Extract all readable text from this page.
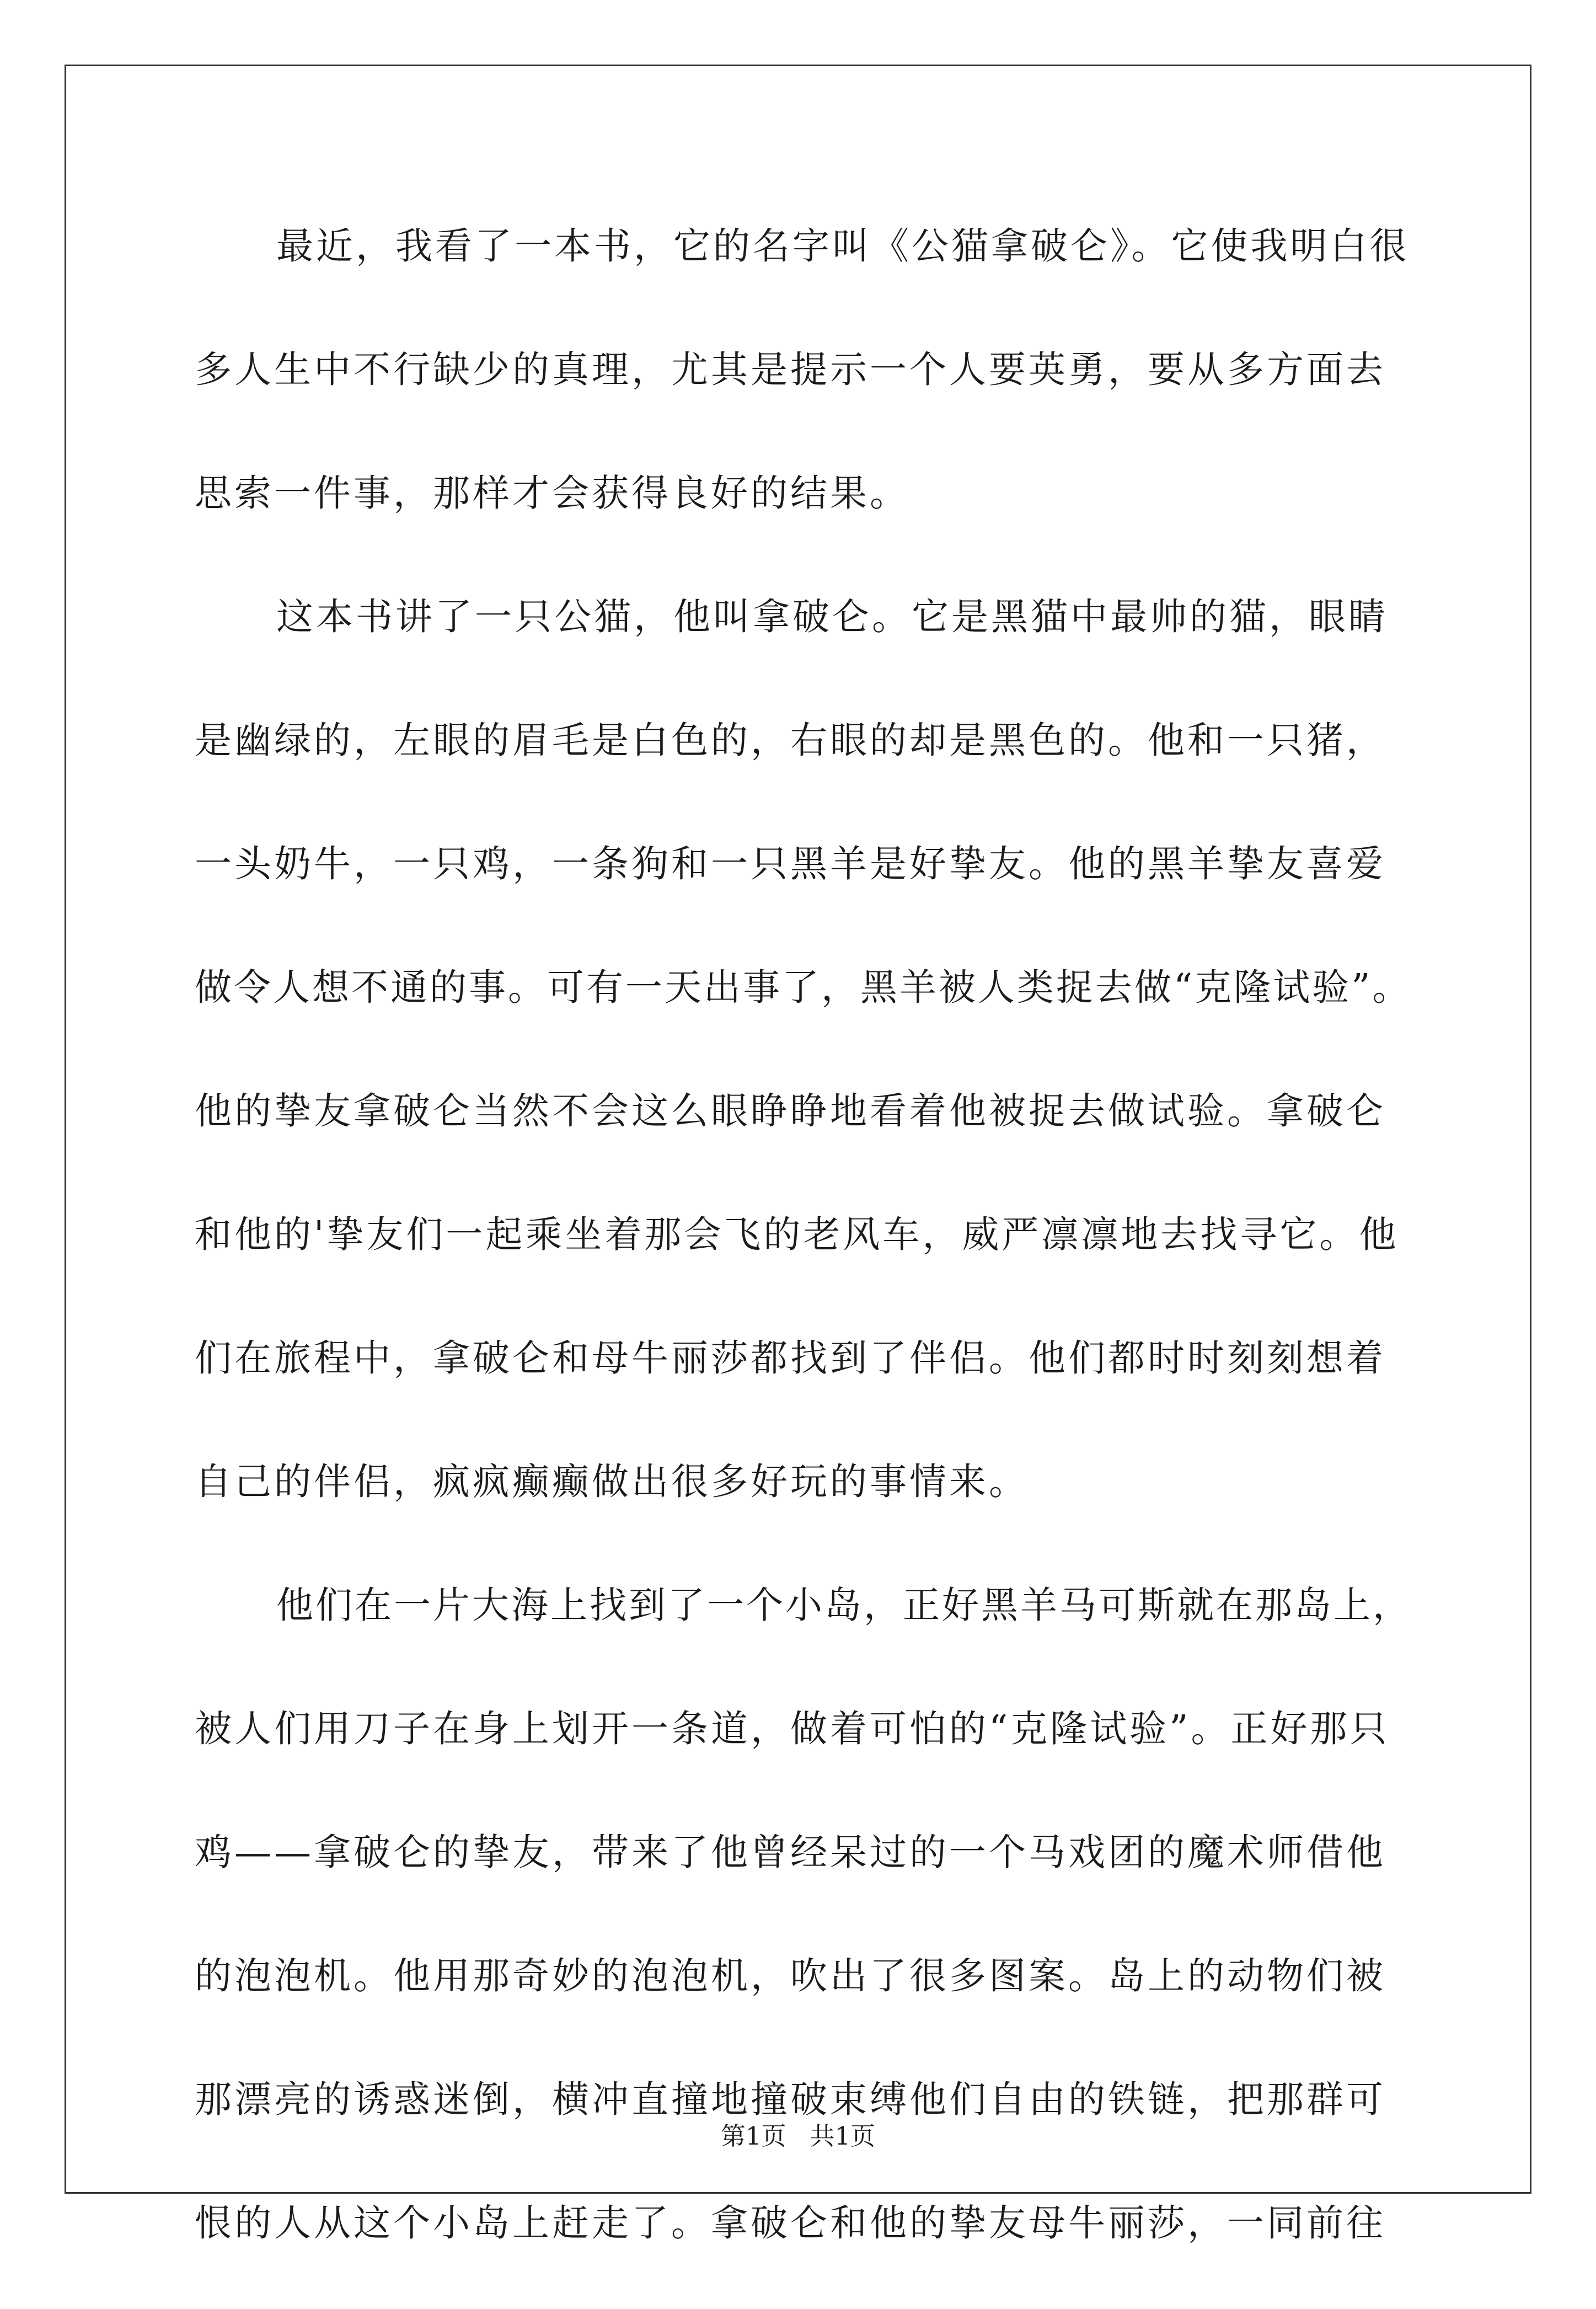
最近，我看了一本书，它的名字叫《公猫拿破仑》。它使我明白很
多人生中不行缺少的真理，尤其是提示一个人要英勇，要从多方面去
思索一件事，那样才会获得良好的结果。
这本书讲了一只公猫，他叫拿破仑。它是黑猫中最帅的猫，眼睛
是幽绿的，左眼的眉毛是白色的，右眼的却是黑色的。他和一只猪，
一头奶牛，一只鸡，一条狗和一只黑羊是好挚友。他的黑羊挚友喜爱
做令人想不通的事。可有一天出事了，黑羊被人类捉去做“克隆试验”。
他的挚友拿破仑当然不会这么眼睁睁地看着他被捉去做试验。拿破仑
和他的'挚友们一起乘坐着那会飞的老风车，威严凛凛地去找寻它。他
们在旅程中，拿破仑和母牛丽莎都找到了伴侣。他们都时时刻刻想着
自己的伴侣，疯疯癫癫做出很多好玩的事情来。
他们在一片大海上找到了一个小岛，正好黑羊马可斯就在那岛上，
被人们用刀子在身上划开一条道，做着可怕的“克隆试验”。正好那只
鸡——拿破仑的挚友，带来了他曾经呆过的一个马戏团的魔术师借他
的泡泡机。他用那奇妙的泡泡机，吹出了很多图案。岛上的动物们被
那漂亮的诱惑迷倒，横冲直撞地撞破束缚他们自由的铁链，把那群可
恨的人从这个小岛上赶走了。拿破仑和他的挚友母牛丽莎，一同前往
第1页 共1页
